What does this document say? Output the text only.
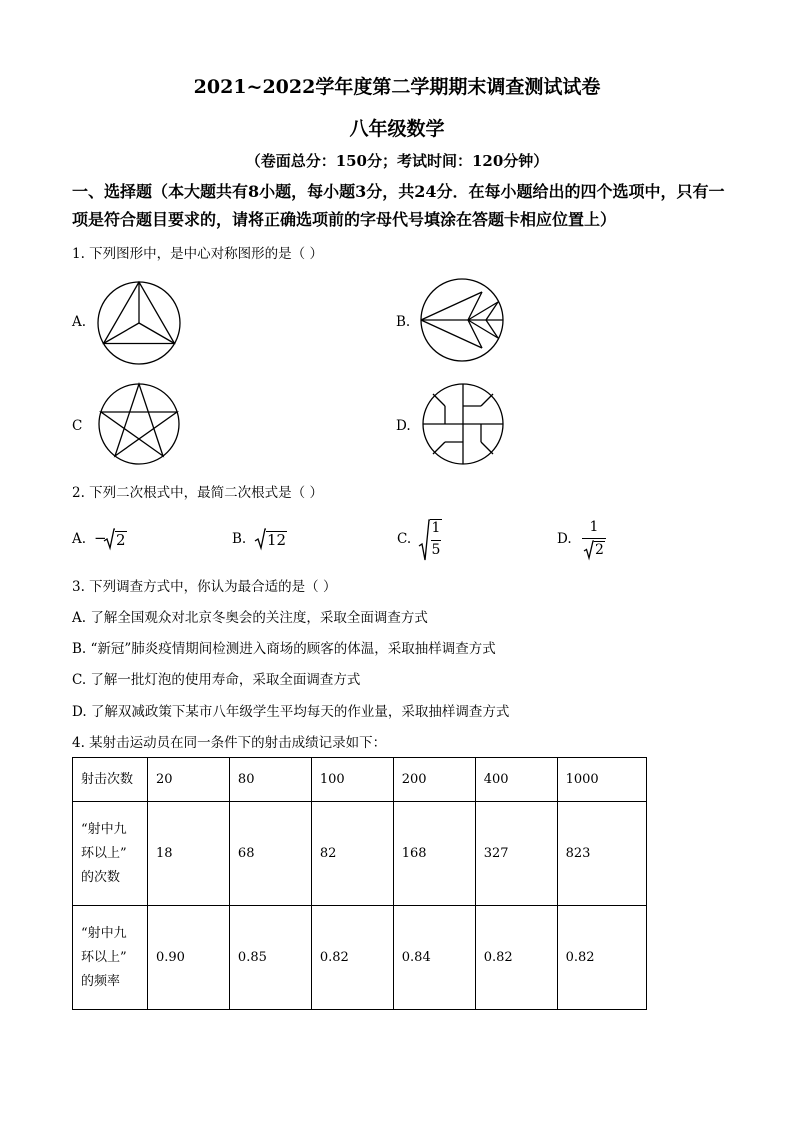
2021~2022学年度第二学期期末调查测试试卷
八年级数学
（卷面总分：150分；考试时间：120分钟）
一、选择题（本大题共有8小题，每小题3分，共24分．在每小题给出的四个选项中，只有一项是符合题目要求的，请将正确选项前的字母代号填涂在答题卡相应位置上）
1. 下列图形中，是中心对称图形的是（ ）
A.	B.
C	D.
2. 下列二次根式中，最简二次根式是（ ）
A. − 2	B. 12	C.
1
5
D.
1
2
3. 下列调查方式中，你认为最合适的是（ ）
A. 了解全国观众对北京冬奥会的关注度，采取全面调查方式
B. “新冠”肺炎疫情期间检测进入商场的顾客的体温，采取抽样调查方式
C. 了解一批灯泡的使用寿命，采取全面调查方式
D. 了解双减政策下某市八年级学生平均每天的作业量，采取抽样调查方式
4. 某射击运动员在同一条件下的射击成绩记录如下：
射击次数	20	80	100	200	400	1000

“射中九
环以上”
的次数	18	68	82	168	327	823

“射中九
环以上”
的频率	0.90	0.85	0.82	0.84	0.82	0.82
